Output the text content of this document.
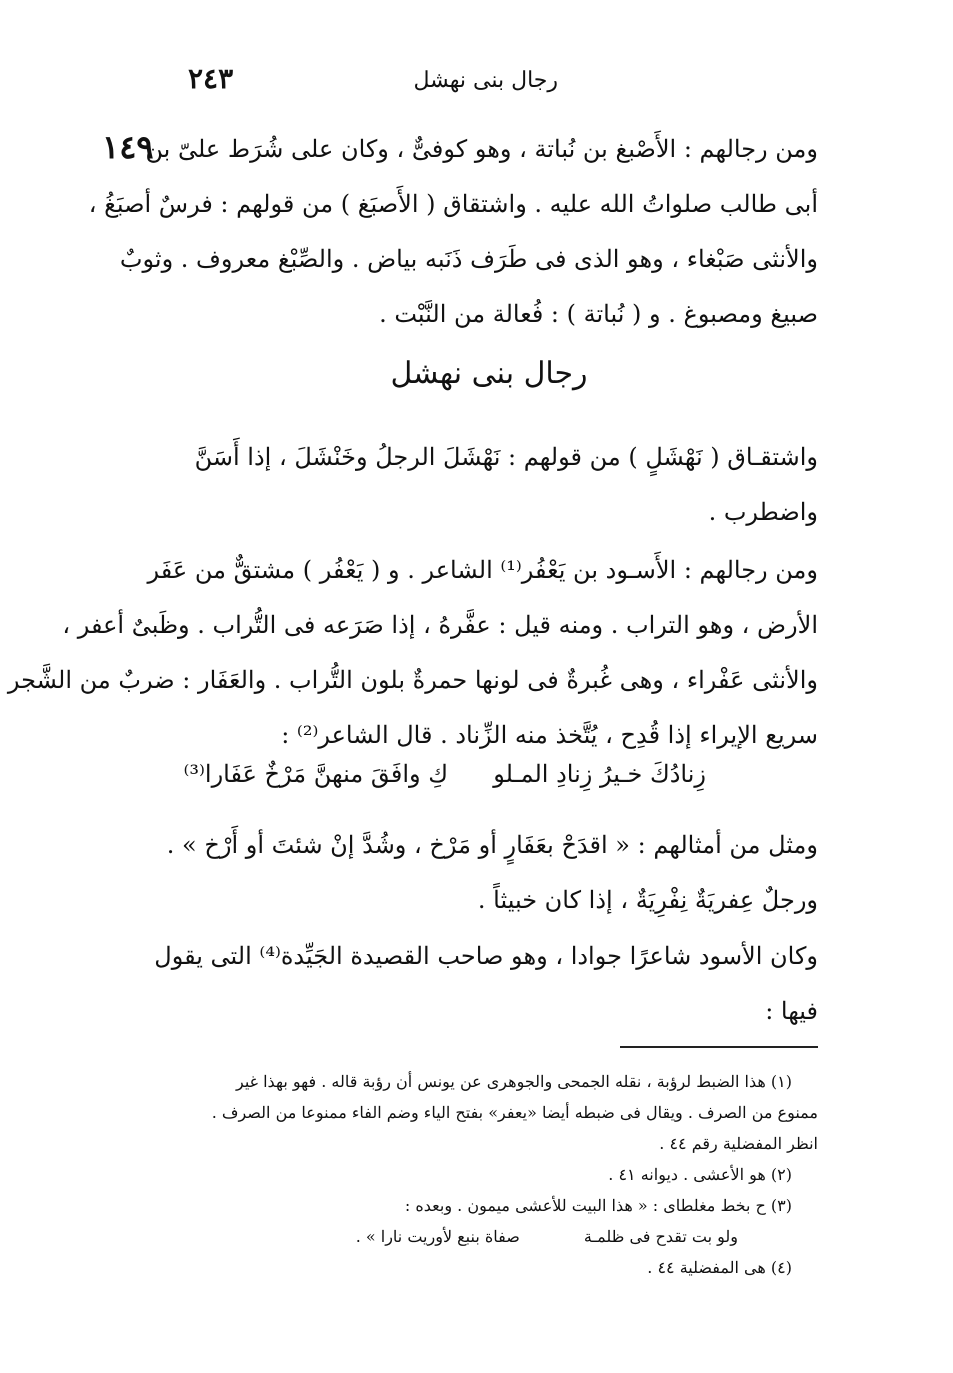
رجال بنى نهشل
٢٤٣
١٤٩
ومن رجالهم : الأَصْبغ بن نُباتة ، وهو كوفىٌّ ، وكان على شُرَط علىّ بن
أبى طالب صلواتُ الله عليه . واشتقاق ( الأَصبَغ ) من قولهم : فرسٌ أصبَغُ ،
والأنثى صَبْغاء ، وهو الذى فى طَرَف ذَنَبه بياض . والصِّبْغ معروف . وثوبٌ
صبيغ ومصبوغ . و ( نُباتة ) : فُعالة من النَّبْت .
رجال بنى نهشل
واشتقـاق ( نَهْشَلٍ ) من قولهم : نَهْشَلَ الرجلُ وخَنْشَلَ ، إذا أَسَنَّ
واضطرب .
ومن رجالهم : الأَسـود بن يَعْفُر⁽¹⁾ الشاعر . و ( يَعْفُر ) مشتقٌّ من عَفَر
الأرض ، وهو التراب . ومنه قيل : عفَّرهُ ، إذا صَرَعه فى التُّراب . وظَبىٌ أعفر ،
والأنثى عَفْراء ، وهى غُبرةٌ فى لونها حمرةٌ بلون التُّراب . والعَفَار : ضربٌ من الشَّجر
سريع الإيراء إذا قُدِح ، يُتَّخذ منه الزِّناد . قال الشاعر⁽²⁾ :
زِنادُكَ خـيرُ زِنادِ المـلو
كِ وافَقَ منهنَّ مَرْخٌ عَفَارا⁽³⁾
ومثل من أمثالهم : « اقدَحْ بعَفَارٍ أو مَرْخ ، وشُدَّ إنْ شئتَ أو أَرْخ » .
ورجلٌ عِفريَةٌ نِفْرِيَةٌ ، إذا كان خبيثاً .
وكان الأسود شاعرًا جوادا ، وهو صاحب القصيدة الجَيِّدة⁽⁴⁾ التى يقول
فيها :
(١) هذا الضبط لرؤبة ، نقله الجمحى والجوهرى عن يونس أن رؤبة قاله . فهو بهذا غير
ممنوع من الصرف . ويقال فى ضبطه أيضا «يعفر» بفتح الياء وضم الفاء ممنوعا من الصرف .
انظر المفضلية رقم ٤٤ .
(٢) هو الأعشى . ديوانه ٤١ .
(٣) ح بخط مغلطاى : « هذا البيت للأعشى ميمون . وبعده :
ولو بت تقدح فى ظلمـةصفاة بنبع لأوريت نارا » .
(٤) هى المفضلية ٤٤ .
